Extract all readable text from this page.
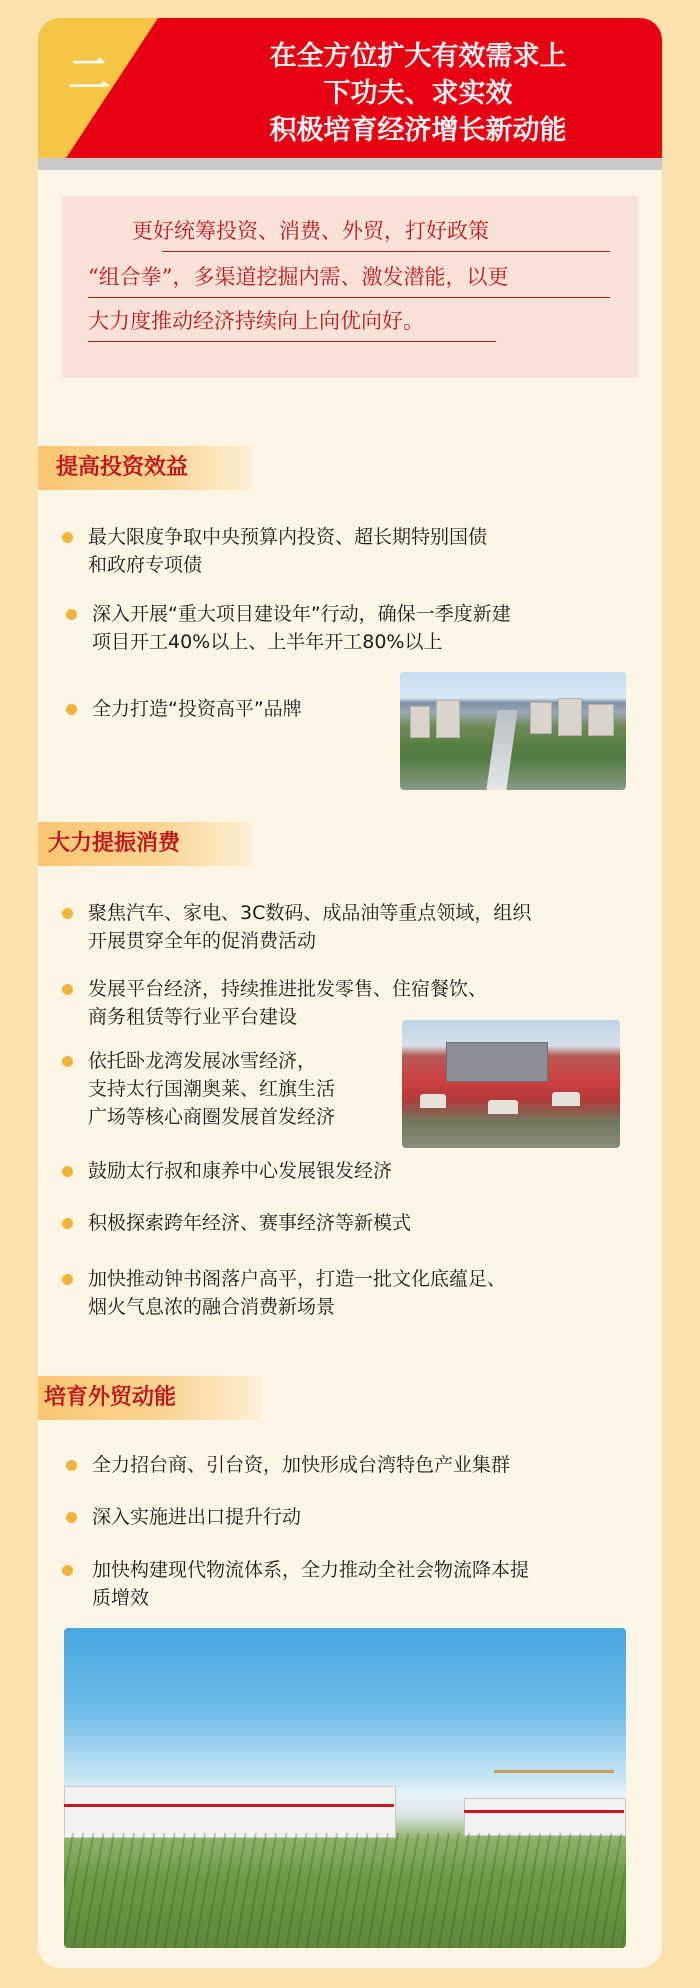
二	在全方位扩大有效需求上
下功夫、求实效
积极培育经济增长新动能
更好统筹投资、消费、外贸，打好政策
“组合拳”，多渠道挖掘内需、激发潜能，以更
大力度推动经济持续向上向优向好。
提高投资效益
最大限度争取中央预算内投资、超长期特别国债
和政府专项债
深入开展“重大项目建设年”行动，确保一季度新建
项目开工40%以上、上半年开工80%以上
全力打造“投资高平”品牌
大力提振消费
聚焦汽车、家电、3C数码、成品油等重点领域，组织
开展贯穿全年的促消费活动
发展平台经济，持续推进批发零售、住宿餐饮、
商务租赁等行业平台建设
依托卧龙湾发展冰雪经济，
支持太行国潮奥莱、红旗生活
广场等核心商圈发展首发经济
鼓励太行叔和康养中心发展银发经济
积极探索跨年经济、赛事经济等新模式
加快推动钟书阁落户高平，打造一批文化底蕴足、
烟火气息浓的融合消费新场景
培育外贸动能
全力招台商、引台资，加快形成台湾特色产业集群
深入实施进出口提升行动
加快构建现代物流体系，全力推动全社会物流降本提
质增效
